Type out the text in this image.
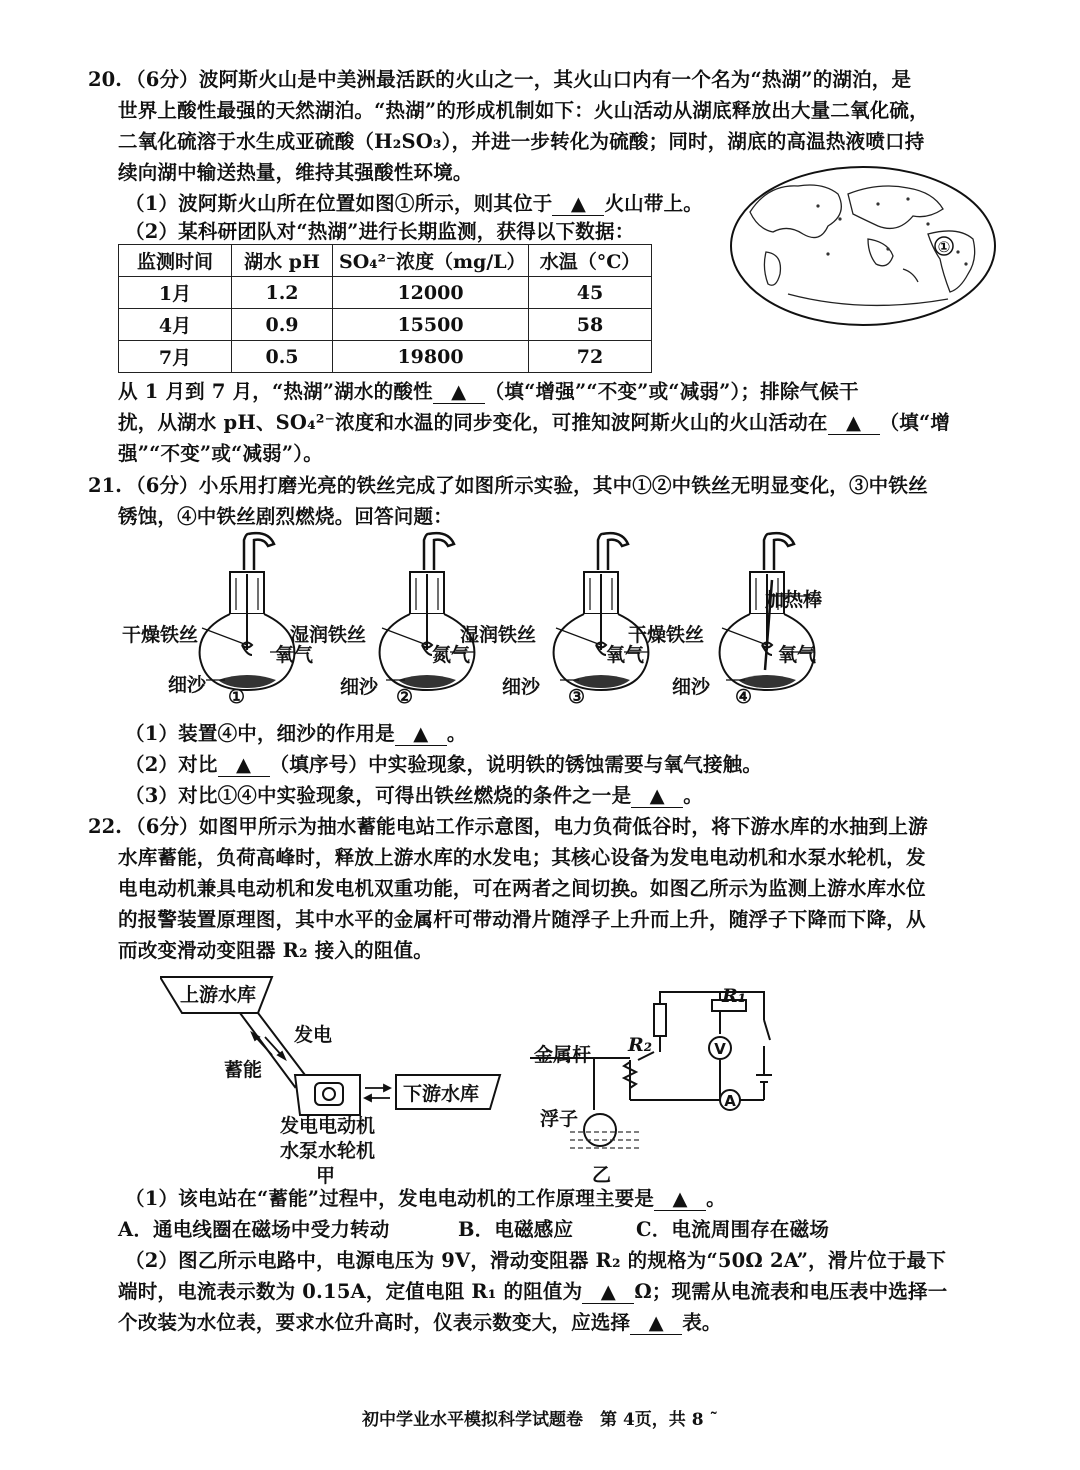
20. （6分）波阿斯火山是中美洲最活跃的火山之一，其火山口内有一个名为“热湖”的湖泊，是
世界上酸性最强的天然湖泊。“热湖”的形成机制如下：火山活动从湖底释放出大量二氧化硫，
二氧化硫溶于水生成亚硫酸（H₂SO₃），并进一步转化为硫酸；同时，湖底的高温热液喷口持
续向湖中输送热量，维持其强酸性环境。
（1）波阿斯火山所在位置如图①所示，则其位于 ▲ 火山带上。
（2）某科研团队对“热湖”进行长期监测，获得以下数据：
①
监测时间	湖水 pH	SO₄²⁻浓度（mg/L）	水温（°C）
1月	1.2	12000	45
4月	0.9	15500	58
7月	0.5	19800	72
从 1 月到 7 月，“热湖”湖水的酸性 ▲ （填“增强”“不变”或“减弱”）；排除气候干
扰，从湖水 pH、SO₄²⁻浓度和水温的同步变化，可推知波阿斯火山的火山活动在 ▲ （填“增
强”“不变”或“减弱”）。
21. （6分）小乐用打磨光亮的铁丝完成了如图所示实验，其中①②中铁丝无明显变化，③中铁丝
锈蚀，④中铁丝剧烈燃烧。回答问题：
干燥铁丝
氧气
细沙
①
湿润铁丝
氮气
细沙 ②
湿润铁丝
氧气
细沙 ③
干燥铁丝
氧气
细沙 ④
加热棒
（1）装置④中，细沙的作用是 ▲ 。
（2）对比 ▲ （填序号）中实验现象，说明铁的锈蚀需要与氧气接触。
（3）对比①④中实验现象，可得出铁丝燃烧的条件之一是 ▲ 。
22. （6分）如图甲所示为抽水蓄能电站工作示意图，电力负荷低谷时，将下游水库的水抽到上游
水库蓄能，负荷高峰时，释放上游水库的水发电；其核心设备为发电电动机和水泵水轮机，发
电电动机兼具电动机和发电机双重功能，可在两者之间切换。如图乙所示为监测上游水库水位
的报警装置原理图，其中水平的金属杆可带动滑片随浮子上升而上升，随浮子下降而下降，从
而改变滑动变阻器 R₂ 接入的阻值。
上游水库
发电
蓄能
下游水库
发电电动机
水泵水轮机
甲
V
A
金属杆
浮子
R₁
R₂
乙
（1）该电站在“蓄能”过程中，发电电动机的工作原理主要是 ▲ 。
A．通电线圈在磁场中受力转动	B．电磁感应	C．电流周围存在磁场
（2）图乙所示电路中，电源电压为 9V，滑动变阻器 R₂ 的规格为“50Ω 2A”，滑片位于最下
端时，电流表示数为 0.15A，定值电阻 R₁ 的阻值为 ▲ Ω；现需从电流表和电压表中选择一
个改装为水位表，要求水位升高时，仪表示数变大，应选择 ▲ 表。
初中学业水平模拟科学试题卷　第 4页，共 8 ˜
